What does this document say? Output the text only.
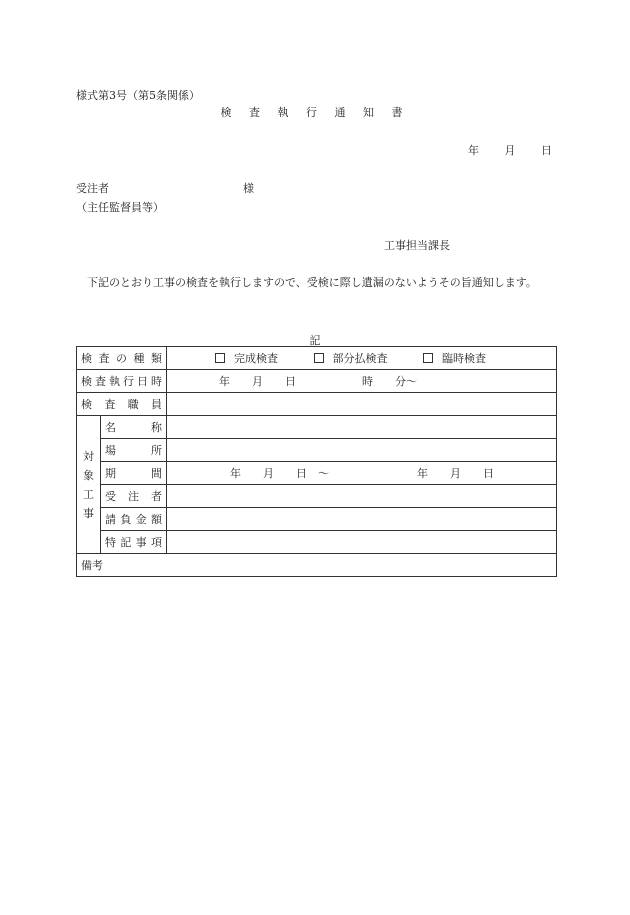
様式第3号（第5条関係）
検 査 執 行 通 知 書
年 月 日
受注者	様
（主任監督員等）
工事担当課長
下記のとおり工事の検査を執行しますので、受検に際し遺漏のないようその旨通知します。
記
検査の種類		完成検査 部分払検査 臨時検査
検査執行日時		年　　月　　日　　　　　　時　　分～
検査職員		

対象工事	名称	
	場所	
	期間	年　　月　　日　～　　　　　　　　年　　月　　日
	受注者	
	請負金額	
	特記事項	
備考		
